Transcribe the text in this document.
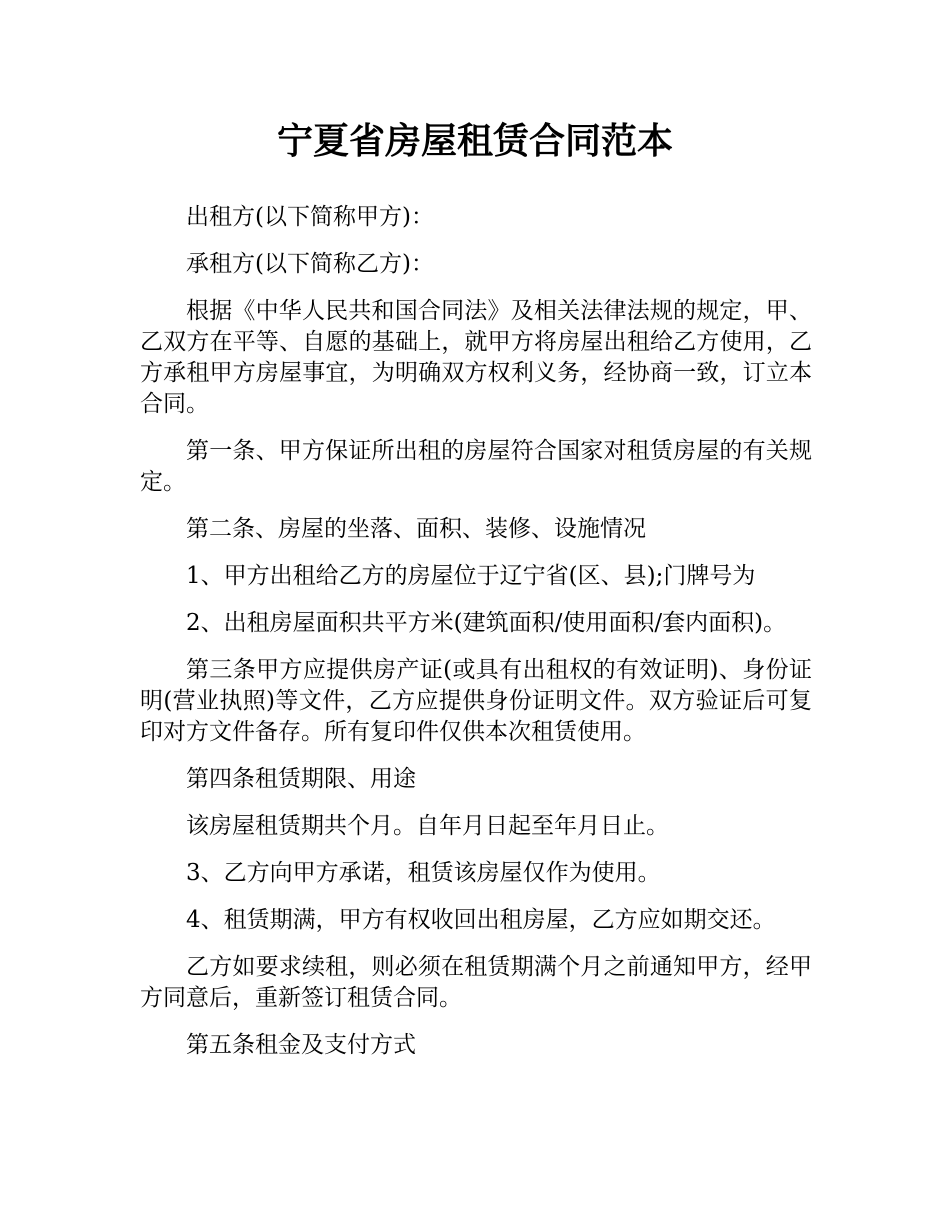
宁夏省房屋租赁合同范本

出租方(以下简称甲方)：

承租方(以下简称乙方)：

根据《中华人民共和国合同法》及相关法律法规的规定，甲、乙双方在平等、自愿的基础上，就甲方将房屋出租给乙方使用，乙方承租甲方房屋事宜，为明确双方权利义务，经协商一致，订立本合同。

第一条、甲方保证所出租的房屋符合国家对租赁房屋的有关规定。

第二条、房屋的坐落、面积、装修、设施情况

1、甲方出租给乙方的房屋位于辽宁省(区、县);门牌号为

2、出租房屋面积共平方米(建筑面积/使用面积/套内面积)。

第三条甲方应提供房产证(或具有出租权的有效证明)、身份证明(营业执照)等文件，乙方应提供身份证明文件。双方验证后可复印对方文件备存。所有复印件仅供本次租赁使用。

第四条租赁期限、用途

该房屋租赁期共个月。自年月日起至年月日止。

3、乙方向甲方承诺，租赁该房屋仅作为使用。

4、租赁期满，甲方有权收回出租房屋，乙方应如期交还。

乙方如要求续租，则必须在租赁期满个月之前通知甲方，经甲方同意后，重新签订租赁合同。

第五条租金及支付方式
